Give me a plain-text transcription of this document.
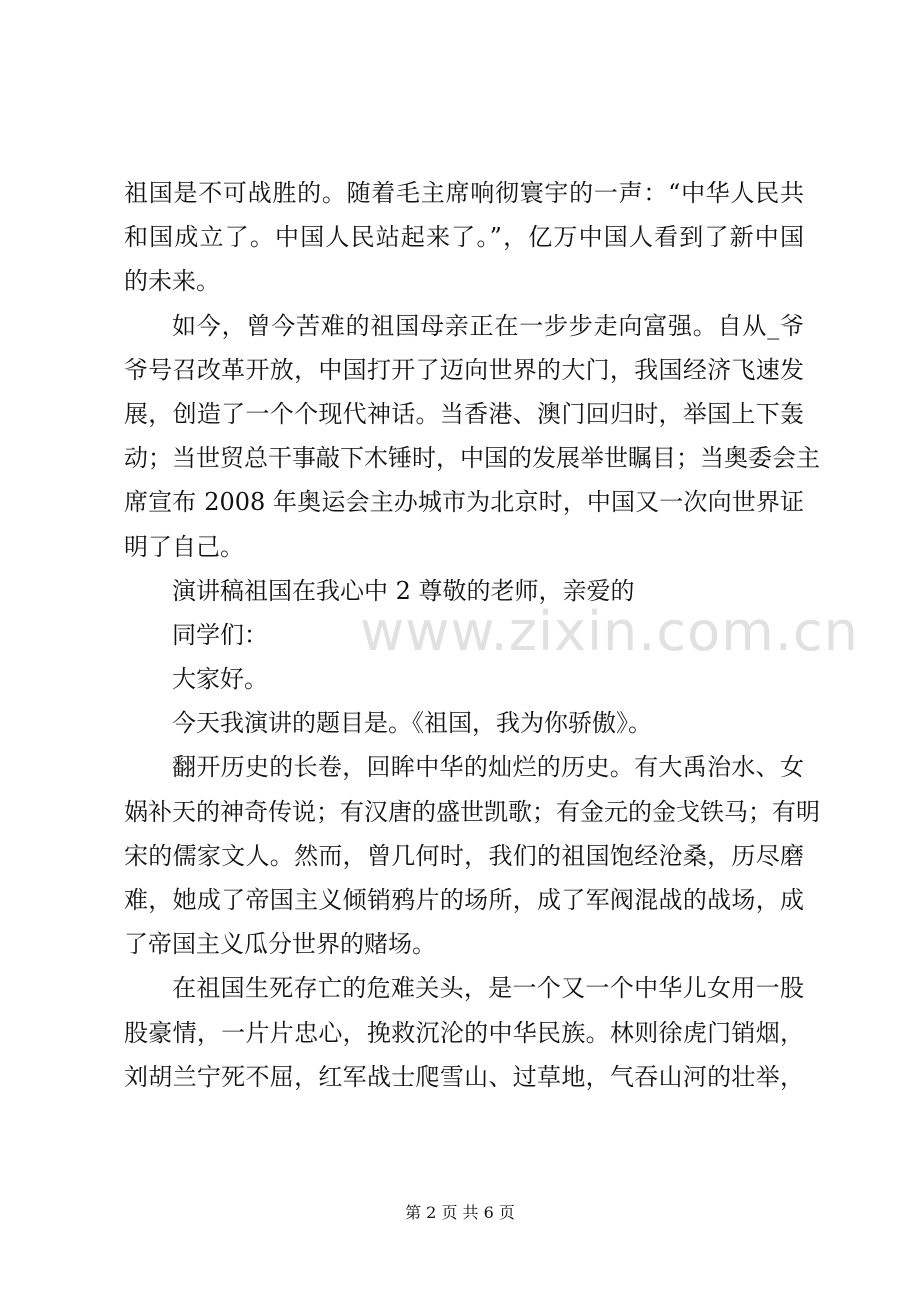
祖国是不可战胜的。随着毛主席响彻寰宇的一声：“中华人民共
和国成立了。中国人民站起来了。”，亿万中国人看到了新中国
的未来。
如今，曾今苦难的祖国母亲正在一步步走向富强。自从_爷
爷号召改革开放，中国打开了迈向世界的大门，我国经济飞速发
展，创造了一个个现代神话。当香港、澳门回归时，举国上下轰
动；当世贸总干事敲下木锤时，中国的发展举世瞩目；当奥委会主
席宣布 2008 年奥运会主办城市为北京时，中国又一次向世界证
明了自己。
演讲稿祖国在我心中 2 尊敬的老师，亲爱的
同学们：
大家好。
今天我演讲的题目是。《祖国，我为你骄傲》。
翻开历史的长卷，回眸中华的灿烂的历史。有大禹治水、女
娲补天的神奇传说；有汉唐的盛世凯歌；有金元的金戈铁马；有明
宋的儒家文人。然而，曾几何时，我们的祖国饱经沧桑，历尽磨
难，她成了帝国主义倾销鸦片的场所，成了军阀混战的战场，成
了帝国主义瓜分世界的赌场。
在祖国生死存亡的危难关头，是一个又一个中华儿女用一股
股豪情，一片片忠心，挽救沉沦的中华民族。林则徐虎门销烟，
刘胡兰宁死不屈，红军战士爬雪山、过草地，气吞山河的壮举，
www.zixin.com.cn
第 2 页 共 6 页
